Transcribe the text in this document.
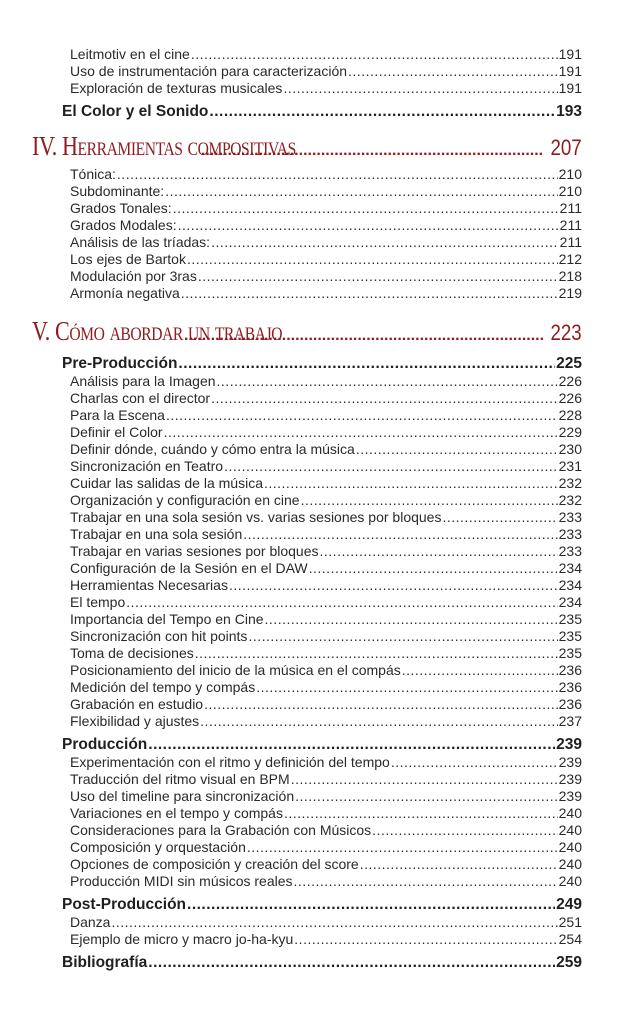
Leitmotiv en el cine .....	191
Uso de instrumentación para caracterización .....	191
Exploración de texturas musicales .....	191
El Color y el Sonido .....	193
IV. Herramientas compositivas .....	207
Tónica: .....	210
Subdominante: .....	210
Grados Tonales: .....	211
Grados Modales: .....	211
Análisis de las tríadas: .....	211
Los ejes de Bartok .....	212
Modulación por 3ras .....	218
Armonía negativa .....	219
V. Cómo abordar un trabajo .....	223
Pre-Producción .....	225
Análisis para la Imagen .....	226
Charlas con el director .....	226
Para la Escena .....	228
Definir el Color .....	229
Definir dónde, cuándo y cómo entra la música .....	230
Sincronización en Teatro .....	231
Cuidar las salidas de la música .....	232
Organización y configuración en cine .....	232
Trabajar en una sola sesión vs. varias sesiones por bloques .....	233
Trabajar en una sola sesión .....	233
Trabajar en varias sesiones por bloques .....	233
Configuración de la Sesión en el DAW .....	234
Herramientas Necesarias .....	234
El tempo .....	234
Importancia del Tempo en Cine .....	235
Sincronización con hit points .....	235
Toma de decisiones .....	235
Posicionamiento del inicio de la música en el compás .....	236
Medición del tempo y compás .....	236
Grabación en estudio .....	236
Flexibilidad y ajustes .....	237
Producción .....	239
Experimentación con el ritmo y definición del tempo .....	239
Traducción del ritmo visual en BPM .....	239
Uso del timeline para sincronización .....	239
Variaciones en el tempo y compás .....	240
Consideraciones para la Grabación con Músicos .....	240
Composición y orquestación .....	240
Opciones de composición y creación del score .....	240
Producción MIDI sin músicos reales .....	240
Post-Producción .....	249
Danza .....	251
Ejemplo de micro y macro jo-ha-kyu .....	254
Bibliografía .....	259
